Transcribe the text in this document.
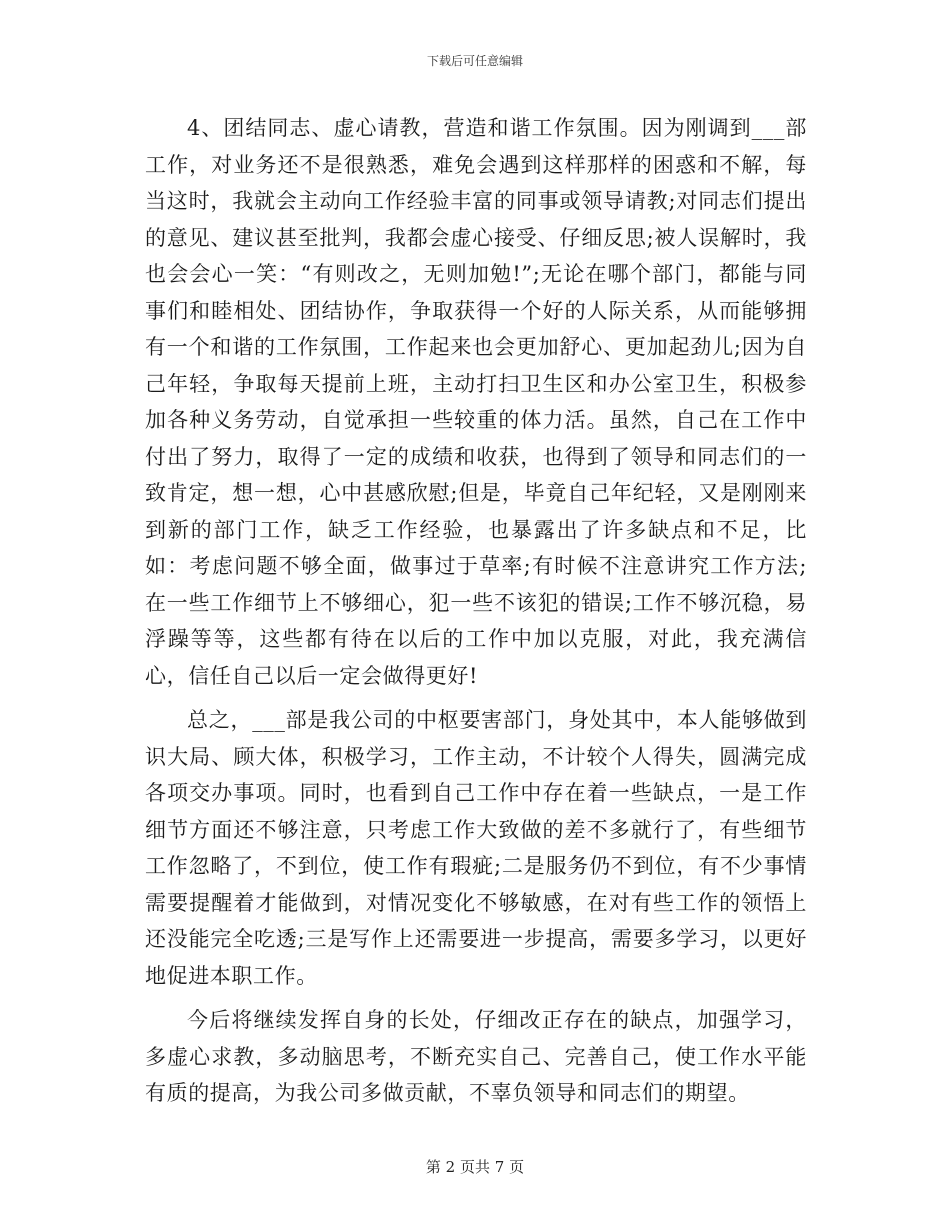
下载后可任意编辑

4、团结同志、虚心请教，营造和谐工作氛围。因为刚调到___部工作，对业务还不是很熟悉，难免会遇到这样那样的困惑和不解，每当这时，我就会主动向工作经验丰富的同事或领导请教;对同志们提出的意见、建议甚至批判，我都会虚心接受、仔细反思;被人误解时，我也会会心一笑：“有则改之，无则加勉!”;无论在哪个部门，都能与同事们和睦相处、团结协作，争取获得一个好的人际关系，从而能够拥有一个和谐的工作氛围，工作起来也会更加舒心、更加起劲儿;因为自己年轻，争取每天提前上班，主动打扫卫生区和办公室卫生，积极参加各种义务劳动，自觉承担一些较重的体力活。虽然，自己在工作中付出了努力，取得了一定的成绩和收获，也得到了领导和同志们的一致肯定，想一想，心中甚感欣慰;但是，毕竟自己年纪轻，又是刚刚来到新的部门工作，缺乏工作经验，也暴露出了许多缺点和不足，比如：考虑问题不够全面，做事过于草率;有时候不注意讲究工作方法;在一些工作细节上不够细心，犯一些不该犯的错误;工作不够沉稳，易浮躁等等，这些都有待在以后的工作中加以克服，对此，我充满信心，信任自己以后一定会做得更好!

总之，___部是我公司的中枢要害部门，身处其中，本人能够做到识大局、顾大体，积极学习，工作主动，不计较个人得失，圆满完成各项交办事项。同时，也看到自己工作中存在着一些缺点，一是工作细节方面还不够注意，只考虑工作大致做的差不多就行了，有些细节工作忽略了，不到位，使工作有瑕疵;二是服务仍不到位，有不少事情需要提醒着才能做到，对情况变化不够敏感，在对有些工作的领悟上还没能完全吃透;三是写作上还需要进一步提高，需要多学习，以更好地促进本职工作。

今后将继续发挥自身的长处，仔细改正存在的缺点，加强学习，多虚心求教，多动脑思考，不断充实自己、完善自己，使工作水平能有质的提高，为我公司多做贡献，不辜负领导和同志们的期望。

第 2 页共 7 页
